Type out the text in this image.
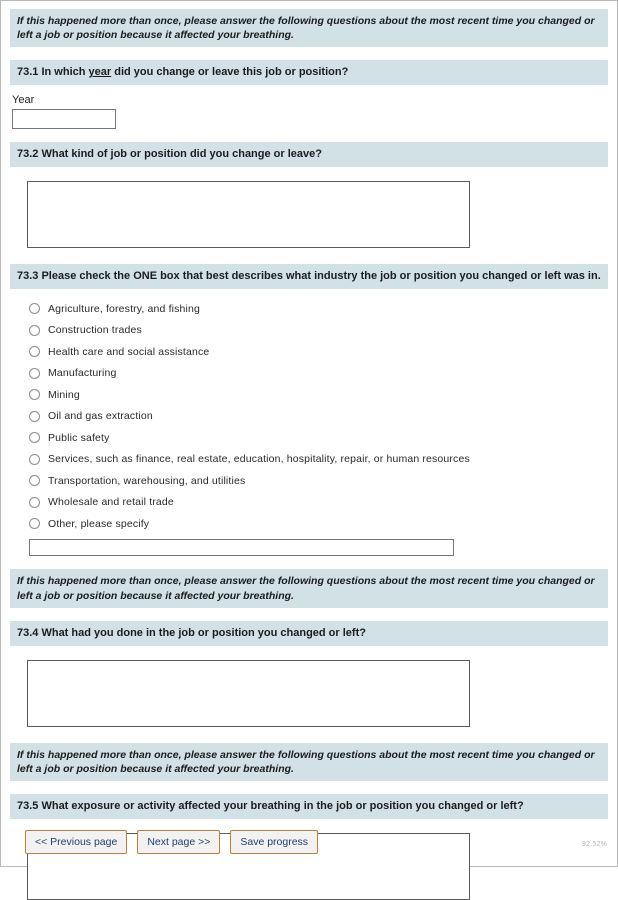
If this happened more than once, please answer the following questions about the most recent time you changed or left a job or position because it affected your breathing.
73.1 In which year did you change or leave this job or position?
Year
73.2 What kind of job or position did you change or leave?
73.3 Please check the ONE box that best describes what industry the job or position you changed or left was in.
Agriculture, forestry, and fishing
Construction trades
Health care and social assistance
Manufacturing
Mining
Oil and gas extraction
Public safety
Services, such as finance, real estate, education, hospitality, repair, or human resources
Transportation, warehousing, and utilities
Wholesale and retail trade
Other, please specify
If this happened more than once, please answer the following questions about the most recent time you changed or left a job or position because it affected your breathing.
73.4 What had you done in the job or position you changed or left?
If this happened more than once, please answer the following questions about the most recent time you changed or left a job or position because it affected your breathing.
73.5 What exposure or activity affected your breathing in the job or position you changed or left?
<< Previous page	Next page >>	Save progress	92.52%
